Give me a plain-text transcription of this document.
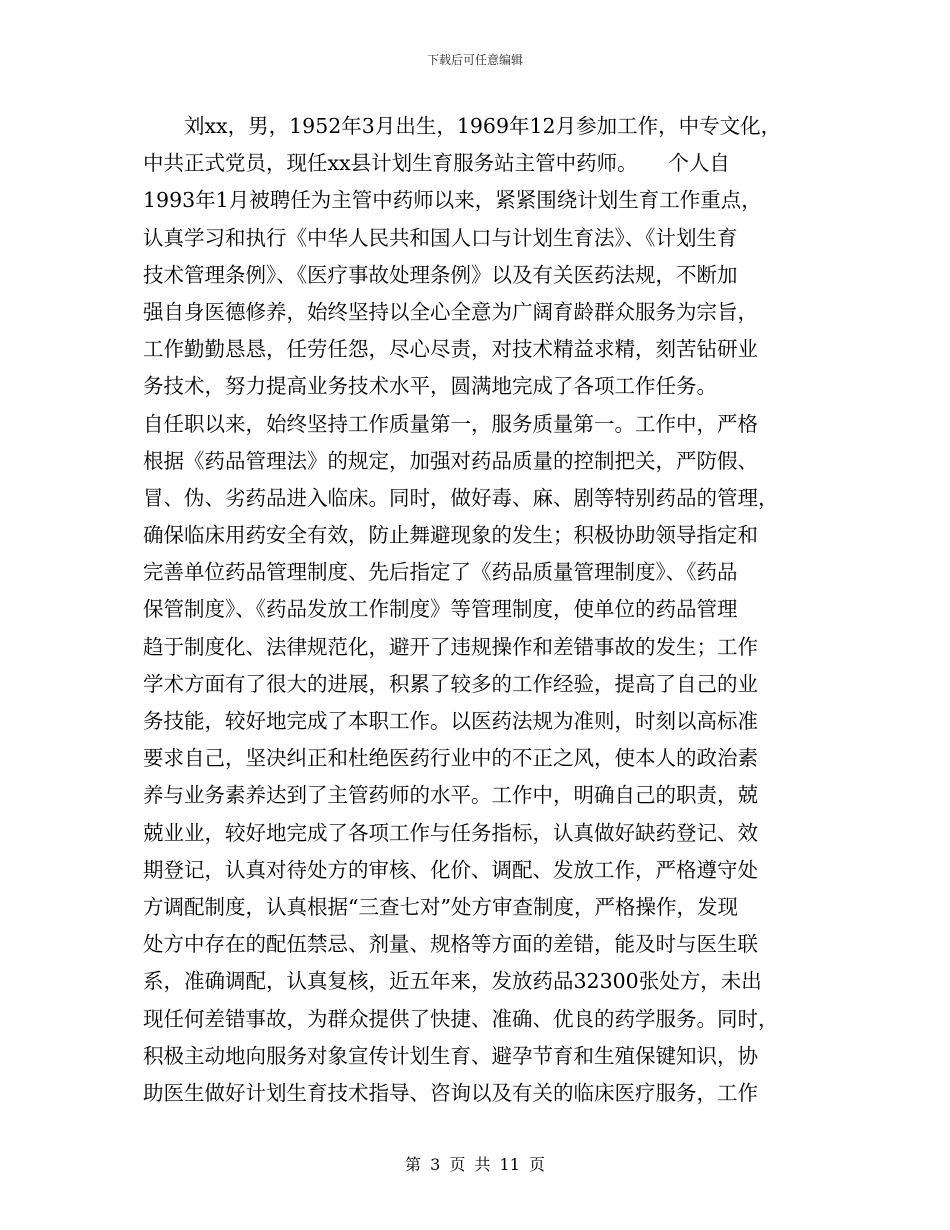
下载后可任意编辑
　　刘xx，男，1952年3月出生，1969年12月参加工作，中专文化，
中共正式党员，现任xx县计划生育服务站主管中药师。　　个人自
1993年1月被聘任为主管中药师以来，紧紧围绕计划生育工作重点，
认真学习和执行《中华人民共和国人口与计划生育法》、《计划生育
技术管理条例》、《医疗事故处理条例》以及有关医药法规，不断加
强自身医德修养，始终坚持以全心全意为广阔育龄群众服务为宗旨，
工作勤勤恳恳，任劳任怨，尽心尽责，对技术精益求精，刻苦钻研业
务技术，努力提高业务技术水平，圆满地完成了各项工作任务。
自任职以来，始终坚持工作质量第一，服务质量第一。工作中，严格
根据《药品管理法》的规定，加强对药品质量的控制把关，严防假、
冒、伪、劣药品进入临床。同时，做好毒、麻、剧等特别药品的管理，
确保临床用药安全有效，防止舞避现象的发生；积极协助领导指定和
完善单位药品管理制度、先后指定了《药品质量管理制度》、《药品
保管制度》、《药品发放工作制度》等管理制度，使单位的药品管理
趋于制度化、法律规范化，避开了违规操作和差错事故的发生；工作
学术方面有了很大的进展，积累了较多的工作经验，提高了自己的业
务技能，较好地完成了本职工作。以医药法规为准则，时刻以高标准
要求自己，坚决纠正和杜绝医药行业中的不正之风，使本人的政治素
养与业务素养达到了主管药师的水平。工作中，明确自己的职责，兢
兢业业，较好地完成了各项工作与任务指标，认真做好缺药登记、效
期登记，认真对待处方的审核、化价、调配、发放工作，严格遵守处
方调配制度，认真根据“三查七对”处方审查制度，严格操作，发现
处方中存在的配伍禁忌、剂量、规格等方面的差错，能及时与医生联
系，准确调配，认真复核，近五年来，发放药品32300张处方，未出
现任何差错事故，为群众提供了快捷、准确、优良的药学服务。同时，
积极主动地向服务对象宣传计划生育、避孕节育和生殖保键知识，协
助医生做好计划生育技术指导、咨询以及有关的临床医疗服务，工作
第 3 页 共 11 页
